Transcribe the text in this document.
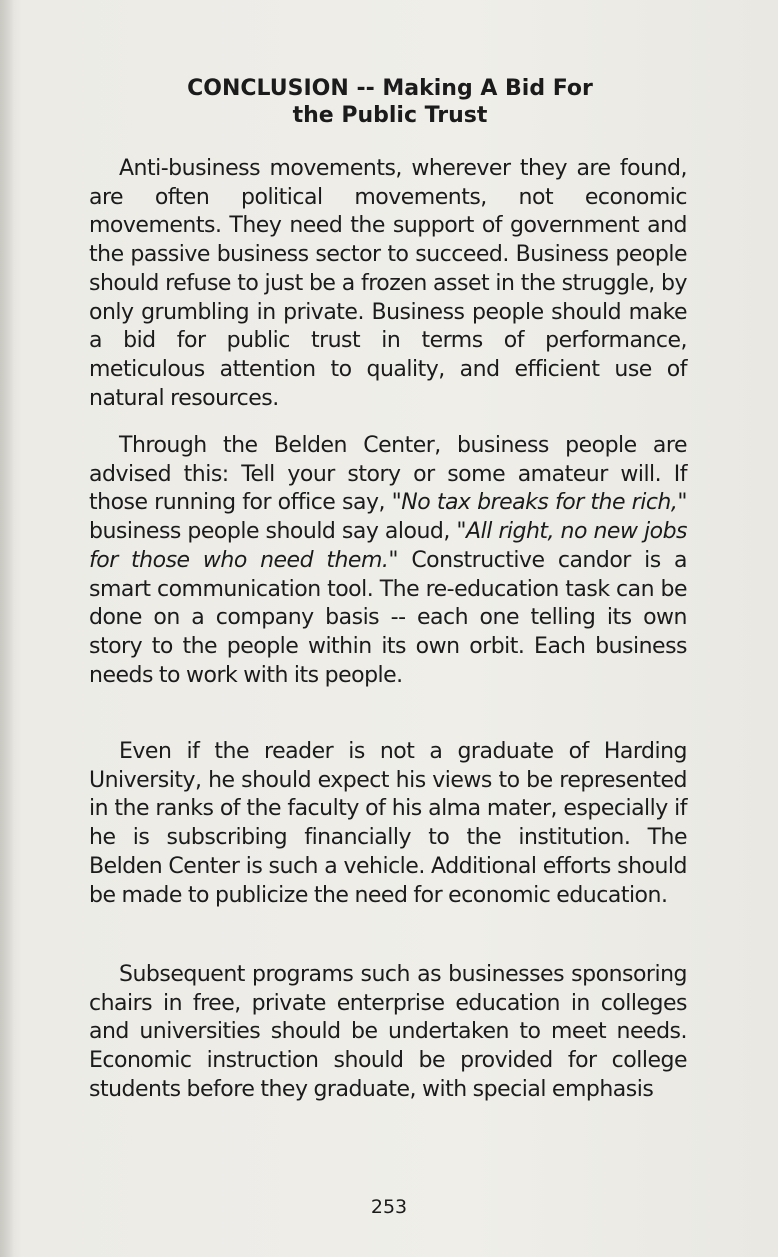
CONCLUSION -- Making A Bid For
the Public Trust

Anti-business movements, wherever they are found, are often political movements, not economic movements. They need the support of government and the passive business sector to succeed. Business people should refuse to just be a frozen asset in the struggle, by only grumbling in private. Business people should make a bid for public trust in terms of performance, meticulous attention to quality, and efficient use of natural resources.

Through the Belden Center, business people are advised this: Tell your story or some amateur will. If those running for office say, "No tax breaks for the rich," business people should say aloud, "All right, no new jobs for those who need them." Constructive candor is a smart communication tool. The re-education task can be done on a company basis -- each one telling its own story to the people within its own orbit. Each business needs to work with its people.

Even if the reader is not a graduate of Harding University, he should expect his views to be represented in the ranks of the faculty of his alma mater, especially if he is subscribing financially to the institution. The Belden Center is such a vehicle. Additional efforts should be made to publicize the need for economic education.

Subsequent programs such as businesses sponsoring chairs in free, private enterprise education in colleges and universities should be undertaken to meet needs. Economic instruction should be provided for college students before they graduate, with special emphasis

253
